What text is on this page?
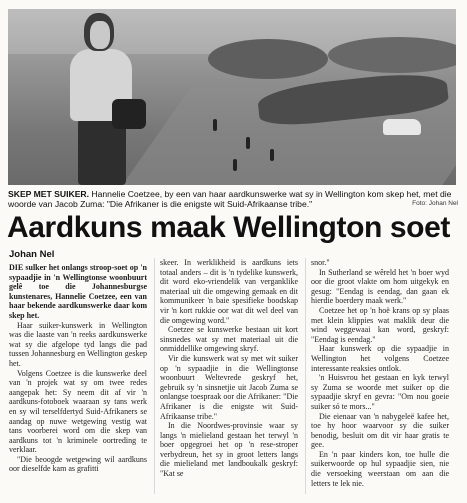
SKEP MET SUIKER. Hannelie Coetzee, by een van haar aardkunswerke wat sy in Wellington kom skep het, met die woorde van Jacob Zuma: "Die Afrikaner is die enigste wit Suid-Afrikaanse tribe."	Foto: Johan Nel
Aardkuns maak Wellington soet
Johan Nel

DIE sulker het onlangs stroop-soet op 'n sypaadjie in 'n Wellingtonse woonbuurt gelê toe die Johannesburgse kunstenares, Hannelie Coetzee, een van haar bekende aardkunswerke daar kom skep het.

Haar suiker-kunswerk in Wellington was die laaste van 'n reeks aardkunswerke wat sy die afgelope tyd langs die pad tussen Johannesburg en Wellington geskep het.

Volgens Coetzee is die kunswerke deel van 'n projek wat sy om twee redes aangepak het: Sy neem dit af vir 'n aardkuns-fotoboek waaraan sy tans werk en sy wil terselfdertyd Suid-Afrikaners se aandag op nuwe wetgewing vestig wat tans voorberei word om die skep van aardkuns tot 'n kriminele oortreding te verklaar.

"Die beoogde wetgewing wil aardkuns oor dieselfde kam as grafitti

skeer. In werklikheid is aardkuns iets totaal anders – dit is 'n tydelike kunswerk, dit word eko-vriendelik van verganklike materiaal uit die omgewing gemaak en dit kommunikeer 'n baie spesifieke boodskap vir 'n kort rukkie oor wat dit wel deel van die omgewing word."

Coetzee se kunswerke bestaan uit kort sinsnedes wat sy met materiaal uit die onmiddellike omgewing skryf.

Vir die kunswerk wat sy met wit suiker op 'n sypaadjie in die Wellingtonse woonbuurt Weltevrede geskryf het, gebruik sy 'n sinsnetjie uit Jacob Zuma se onlangse toespraak oor die Afrikaner: "Die Afrikaner is die enigste wit Suid-Afrikaanse tribe."

In die Noordwes-provinsie waar sy langs 'n mielieland gestaan het terwyl 'n boer opgegroei het op 'n rese-stroper verbydreun, het sy in groot letters langs die mielieland met landboukalk geskryf: "Kat se

snor."

In Sutherland se wêreld het 'n boer wyd oor die groot vlakte om hom uitgekyk en gesug: "Eendag is eendag, dan gaan ek hierdie boerdery maak werk."

Coetzee het op 'n hoë krans op sy plaas met klein klippies wat maklik deur die wind weggewaai kan word, geskryf: "Eendag is eendag."

Haar kunswerk op die sypaadjie in Wellington het volgens Coetzee interessante reaksies ontlok.

'n Huisvrou het gestaan en kyk terwyl sy Zuma se woorde met suiker op die sypaadjie skryf en gevra: "Om nou goeie suiker só te mors..."

Die eienaar van 'n nabygeleë kafee het, toe hy hoor waarvoor sy die suiker benodig, besluit om dit vir haar gratis te gee.

En 'n paar kinders kon, toe hulle die suikerwoorde op hul sypaadjie sien, nie die versoeking weerstaan om aan die letters te lek nie.
